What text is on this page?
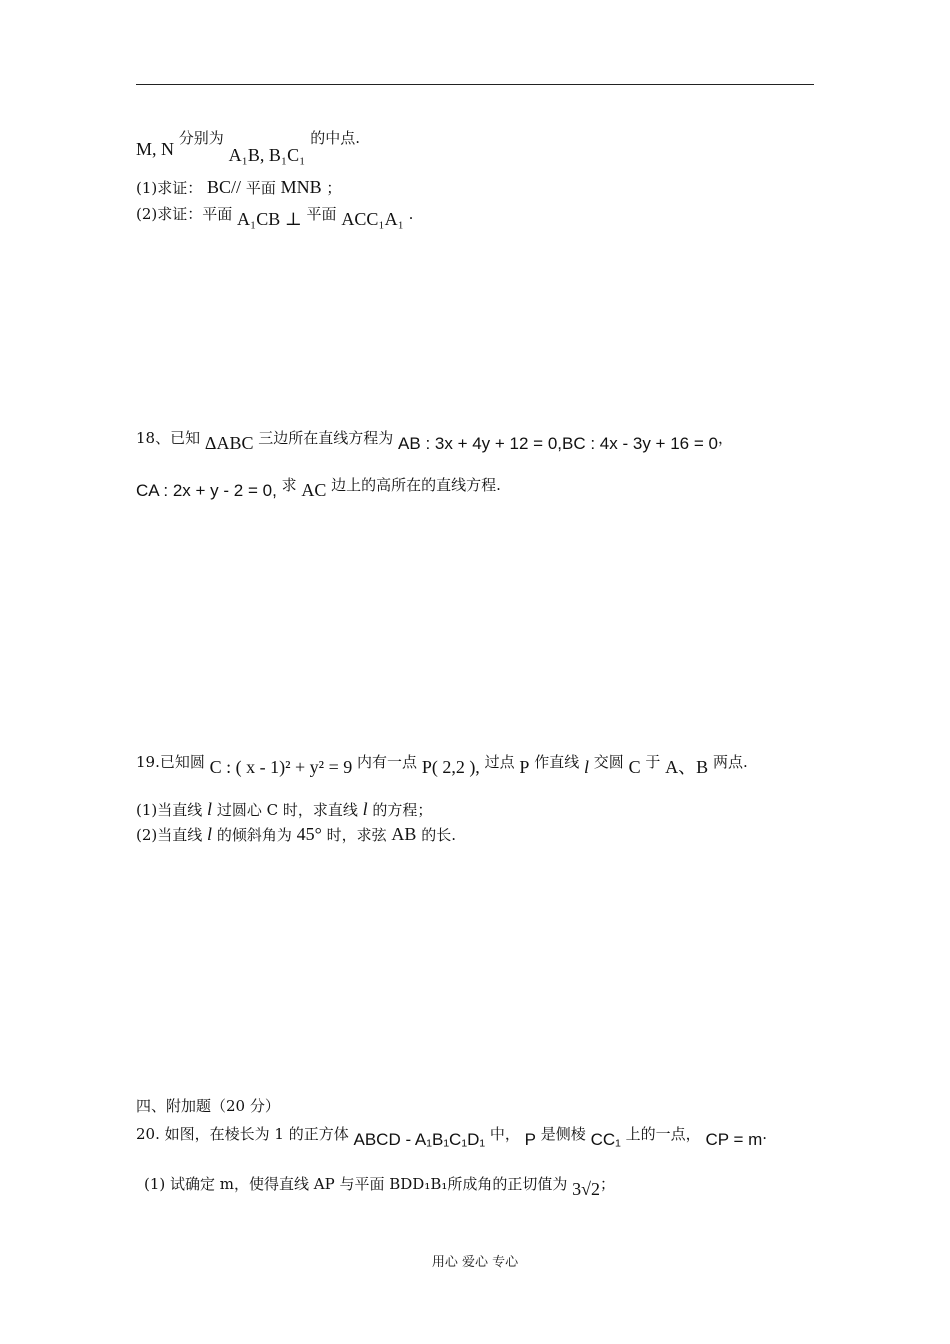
M, N 分别为 A₁B, B₁C₁ 的中点.
(1)求证： BC// 平面 MNB ；
(2)求证：平面 A₁CB ⊥ 平面 ACC₁A₁ .
18、已知 ΔABC 三边所在直线方程为 AB : 3x + 4y + 12 = 0,BC : 4x - 3y + 16 = 0，
CA : 2x + y - 2 = 0, 求 AC 边上的高所在的直线方程.
19.已知圆 C : ( x - 1)² + y² = 9 内有一点 P( 2,2 ), 过点 P 作直线 l 交圆 C 于 A、B 两点.
(1)当直线 l 过圆心 C 时，求直线 l 的方程；
(2)当直线 l 的倾斜角为 45° 时，求弦 AB 的长.
四、附加题（20 分）
20. 如图，在棱长为 1 的正方体 ABCD - A₁B₁C₁D₁ 中， P 是侧棱 CC₁ 上的一点， CP = m.
(1) 试确定 m，使得直线 AP 与平面 BDD₁B₁所成角的正切值为 3√2；
用心 爱心 专心
